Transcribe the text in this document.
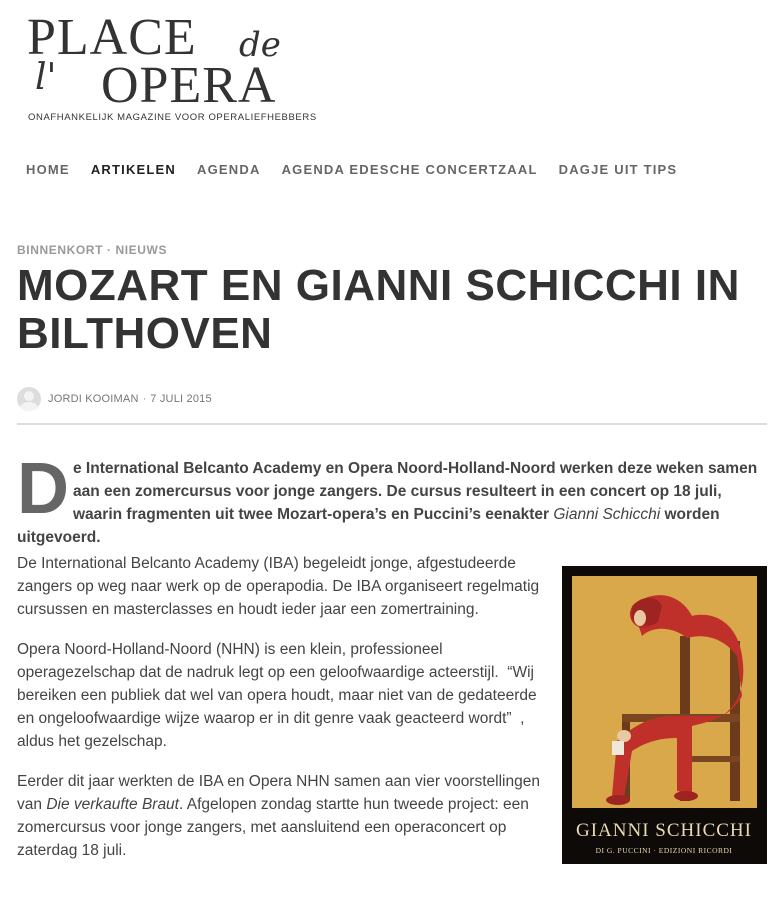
PLACE de
l' OPERA
ONAFHANKELIJK MAGAZINE VOOR OPERALIEFHEBBERS
HOME ARTIKELEN AGENDA AGENDA EDESCHE CONCERTZAAL DAGJE UIT TIPS
BINNENKORT · NIEUWS
MOZART EN GIANNI SCHICCHI IN BILTHOVEN
JORDI KOOIMAN · 7 JULI 2015
D e International Belcanto Academy en Opera Noord-Holland-Noord werken deze weken samen aan een zomercursus voor jonge zangers. De cursus resulteert in een concert op 18 juli, waarin fragmenten uit twee Mozart-opera’s en Puccini’s eenakter Gianni Schicchi worden uitgevoerd.

De International Belcanto Academy (IBA) begeleidt jonge, afgestudeerde zangers op weg naar werk op de operapodia. De IBA organiseert regelmatig cursussen en masterclasses en houdt ieder jaar een zomertraining.

Opera Noord-Holland-Noord (NHN) is een klein, professioneel operagezelschap dat de nadruk legt op een geloofwaardige acteerstijl.  “Wij bereiken een publiek dat wel van opera houdt, maar niet van de gedateerde en ongeloofwaardige wijze waarop er in dit genre vaak geacteerd wordt”  , aldus het gezelschap.

Eerder dit jaar werkten de IBA en Opera NHN samen aan vier voorstellingen van Die verkaufte Braut. Afgelopen zondag startte hun tweede project: een zomercursus voor jonge zangers, met aansluitend een operaconcert op zaterdag 18 juli.

GIANNI SCHICCHI
DI G. PUCCINI · EDIZIONI RICORDI
